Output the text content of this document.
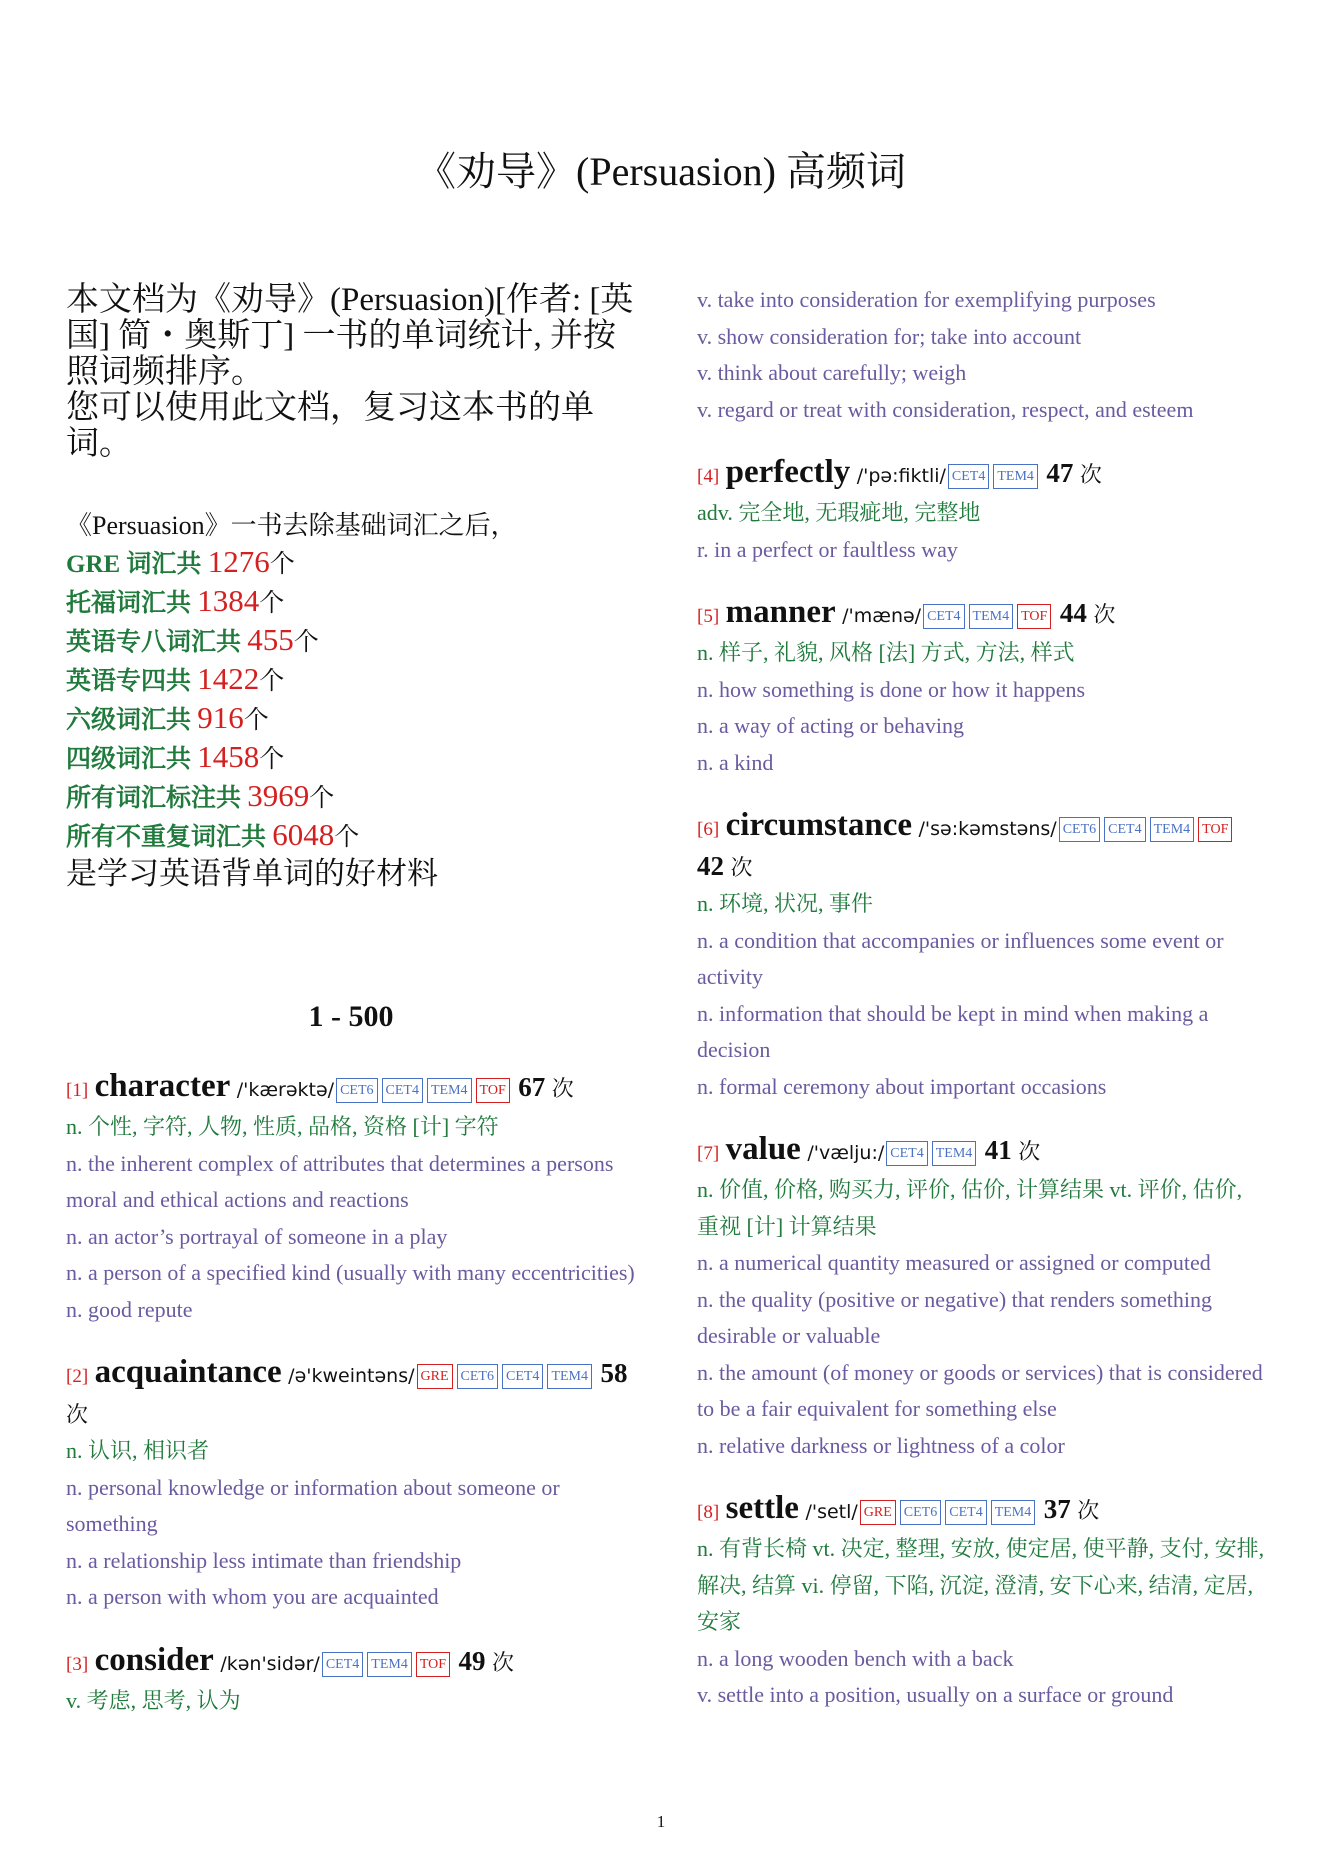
《劝导》(Persuasion) 高频词

本文档为《劝导》(Persuasion)[作者: [英国] 简・奥斯丁] 一书的单词统计, 并按照词频排序。

您可以使用此文档，复习这本书的单词。

《Persuasion》一书去除基础词汇之后，
GRE 词汇共 1276个
托福词汇共 1384个
英语专八词汇共 455个
英语专四共 1422个
六级词汇共 916个
四级词汇共 1458个
所有词汇标注共 3969个
所有不重复词汇共 6048个
是学习英语背单词的好材料
1 - 500
[1] character /'kærəktə/ CET6 CET4 TEM4 TOF 67 次

n. 个性, 字符, 人物, 性质, 品格, 资格 [计] 字符

n. the inherent complex of attributes that determines a persons moral and ethical actions and reactions

n. an actor’s portrayal of someone in a play

n. a person of a specified kind (usually with many eccentricities)

n. good repute

[2] acquaintance /ə'kweintəns/ GRE CET6 CET4 TEM4 58 次

n. 认识, 相识者

n. personal knowledge or information about someone or something

n. a relationship less intimate than friendship

n. a person with whom you are acquainted

[3] consider /kən'sidər/ CET4 TEM4 TOF 49 次

v. 考虑, 思考, 认为

v. take into consideration for exemplifying purposes

v. show consideration for; take into account

v. think about carefully; weigh

v. regard or treat with consideration, respect, and esteem

[4] perfectly /'pə:fiktli/ CET4 TEM4 47 次

adv. 完全地, 无瑕疵地, 完整地

r. in a perfect or faultless way

[5] manner /'mænə/ CET4 TEM4 TOF 44 次

n. 样子, 礼貌, 风格 [法] 方式, 方法, 样式

n. how something is done or how it happens

n. a way of acting or behaving

n. a kind

[6] circumstance /'sə:kəmstəns/ CET6 CET4 TEM4 TOF 42 次

n. 环境, 状况, 事件

n. a condition that accompanies or influences some event or activity

n. information that should be kept in mind when making a decision

n. formal ceremony about important occasions

[7] value /'vælju:/ CET4 TEM4 41 次

n. 价值, 价格, 购买力, 评价, 估价, 计算结果 vt. 评价, 估价, 重视 [计] 计算结果

n. a numerical quantity measured or assigned or computed

n. the quality (positive or negative) that renders something desirable or valuable

n. the amount (of money or goods or services) that is considered to be a fair equivalent for something else

n. relative darkness or lightness of a color

[8] settle /'setl/ GRE CET6 CET4 TEM4 37 次

n. 有背长椅 vt. 决定, 整理, 安放, 使定居, 使平静, 支付, 安排, 解决, 结算 vi. 停留, 下陷, 沉淀, 澄清, 安下心来, 结清, 定居, 安家

n. a long wooden bench with a back

v. settle into a position, usually on a surface or ground

1
